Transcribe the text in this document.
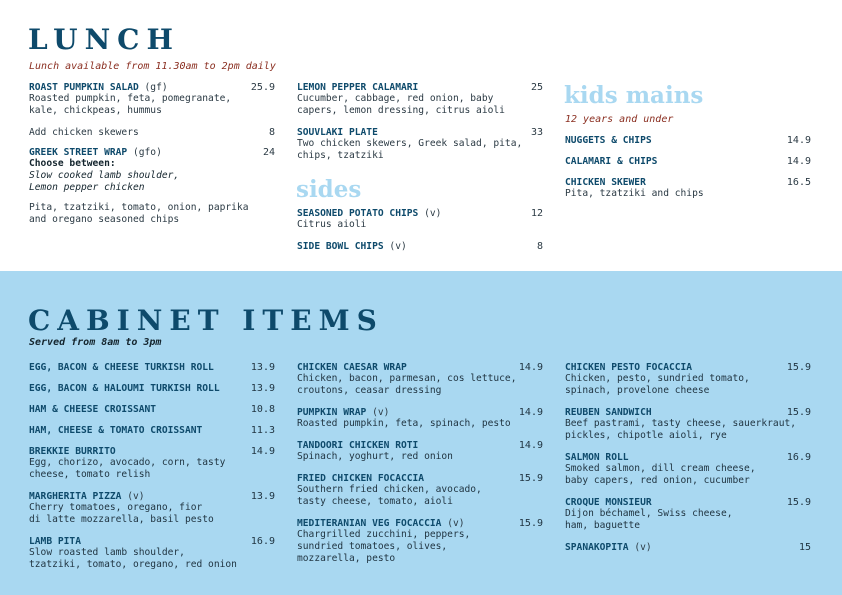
LUNCH
Lunch available from 11.30am to 2pm daily
ROAST PUMPKIN SALAD (gf)	25.9
Roasted pumpkin, feta, pomegranate,
kale, chickpeas, hummus
Add chicken skewers	8
GREEK STREET WRAP (gfo)	24
Choose between:
Slow cooked lamb shoulder,
Lemon pepper chicken
Pita, tzatziki, tomato, onion, paprika
and oregano seasoned chips
LEMON PEPPER CALAMARI	25
Cucumber, cabbage, red onion, baby
capers, lemon dressing, citrus aioli
SOUVLAKI PLATE	33
Two chicken skewers, Greek salad, pita,
chips, tzatziki
sides
SEASONED POTATO CHIPS (v)	12
Citrus aioli
SIDE BOWL CHIPS (v)	8
kids mains
12 years and under
NUGGETS & CHIPS	14.9
CALAMARI & CHIPS	14.9
CHICKEN SKEWER	16.5
Pita, tzatziki and chips
CABINET ITEMS
Served from 8am to 3pm
EGG, BACON & CHEESE TURKISH ROLL	13.9
EGG, BACON & HALOUMI TURKISH ROLL	13.9
HAM & CHEESE CROISSANT	10.8
HAM, CHEESE & TOMATO CROISSANT	11.3
BREKKIE BURRITO	14.9
Egg, chorizo, avocado, corn, tasty
cheese, tomato relish
MARGHERITA PIZZA (v)	13.9
Cherry tomatoes, oregano, fior
di latte mozzarella, basil pesto
LAMB PITA	16.9
Slow roasted lamb shoulder,
tzatziki, tomato, oregano, red onion
CHICKEN CAESAR WRAP	14.9
Chicken, bacon, parmesan, cos lettuce,
croutons, ceasar dressing
PUMPKIN WRAP (v)	14.9
Roasted pumpkin, feta, spinach, pesto
TANDOORI CHICKEN ROTI	14.9
Spinach, yoghurt, red onion
FRIED CHICKEN FOCACCIA	15.9
Southern fried chicken, avocado,
tasty cheese, tomato, aioli
MEDITERANIAN VEG FOCACCIA (v)	15.9
Chargrilled zucchini, peppers,
sundried tomatoes, olives,
mozzarella, pesto
CHICKEN PESTO FOCACCIA	15.9
Chicken, pesto, sundried tomato,
spinach, provelone cheese
REUBEN SANDWICH	15.9
Beef pastrami, tasty cheese, sauerkraut,
pickles, chipotle aioli, rye
SALMON ROLL	16.9
Smoked salmon, dill cream cheese,
baby capers, red onion, cucumber
CROQUE MONSIEUR	15.9
Dijon béchamel, Swiss cheese,
ham, baguette
SPANAKOPITA (v)	15
